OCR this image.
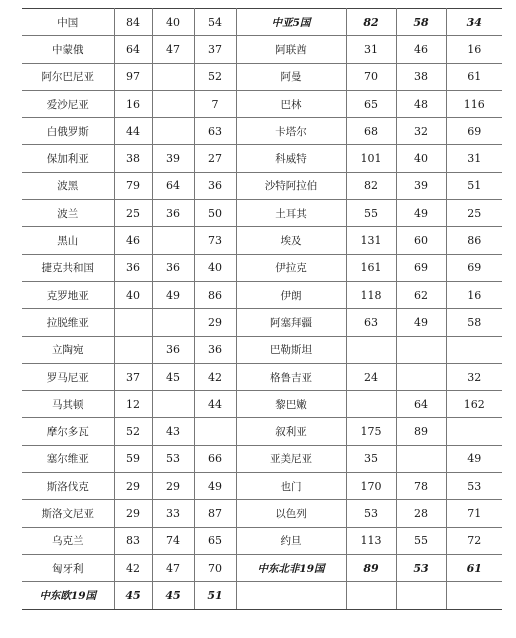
中国	84	40	54	中亚5国	82	58	34
中蒙俄	64	47	37	阿联酋	31	46	16
阿尔巴尼亚	97		52	阿曼	70	38	61
爱沙尼亚	16		7	巴林	65	48	116
白俄罗斯	44		63	卡塔尔	68	32	69
保加利亚	38	39	27	科威特	101	40	31
波黑	79	64	36	沙特阿拉伯	82	39	51
波兰	25	36	50	土耳其	55	49	25
黑山	46		73	埃及	131	60	86
捷克共和国	36	36	40	伊拉克	161	69	69
克罗地亚	40	49	86	伊朗	118	62	16
拉脱维亚			29	阿塞拜疆	63	49	58
立陶宛		36	36	巴勒斯坦			
罗马尼亚	37	45	42	格鲁吉亚	24		32
马其顿	12		44	黎巴嫩		64	162
摩尔多瓦	52	43		叙利亚	175	89	
塞尔维亚	59	53	66	亚美尼亚	35		49
斯洛伐克	29	29	49	也门	170	78	53
斯洛文尼亚	29	33	87	以色列	53	28	71
乌克兰	83	74	65	约旦	113	55	72
匈牙利	42	47	70	中东北非19国	89	53	61
中东欧19国	45	45	51				
